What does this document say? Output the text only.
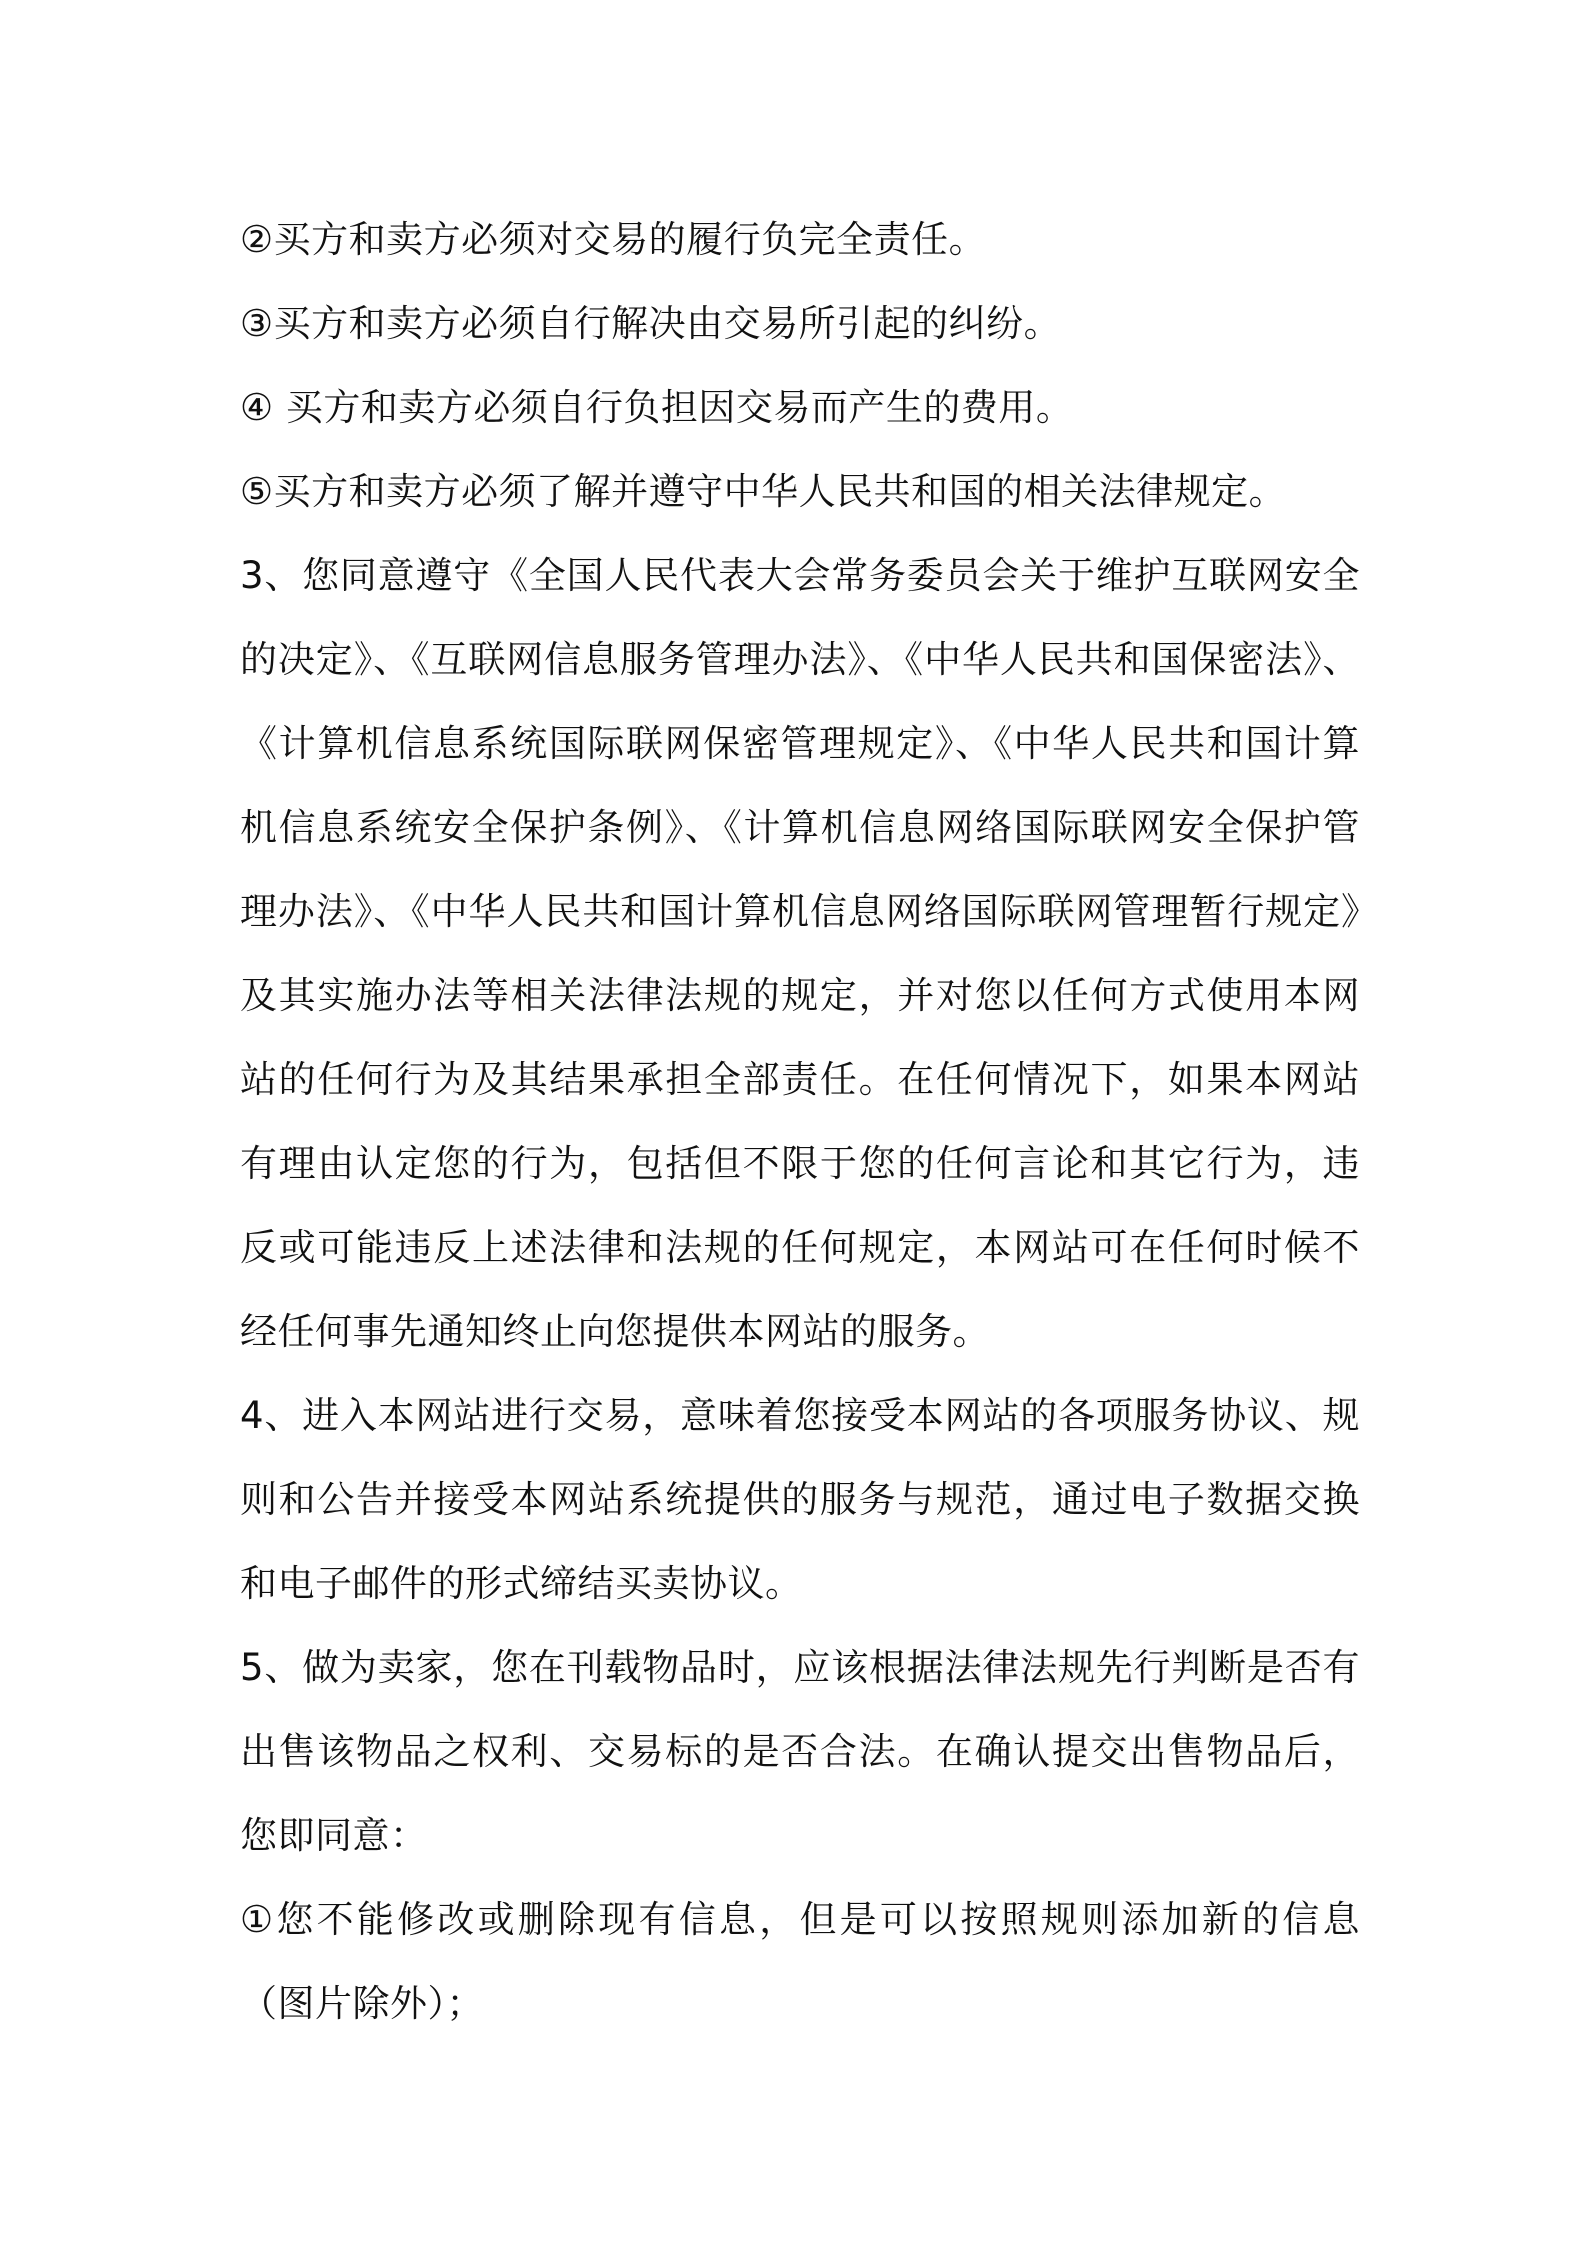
②买方和卖方必须对交易的履行负完全责任。

③买方和卖方必须自行解决由交易所引起的纠纷。

④ 买方和卖方必须自行负担因交易而产生的费用。

⑤买方和卖方必须了解并遵守中华人民共和国的相关法律规定。

3、您同意遵守《全国人民代表大会常务委员会关于维护互联网安全的决定》、《互联网信息服务管理办法》、《中华人民共和国保密法》、《计算机信息系统国际联网保密管理规定》、《中华人民共和国计算机信息系统安全保护条例》、《计算机信息网络国际联网安全保护管理办法》、《中华人民共和国计算机信息网络国际联网管理暂行规定》及其实施办法等相关法律法规的规定，并对您以任何方式使用本网站的任何行为及其结果承担全部责任。在任何情况下，如果本网站有理由认定您的行为，包括但不限于您的任何言论和其它行为，违反或可能违反上述法律和法规的任何规定，本网站可在任何时候不经任何事先通知终止向您提供本网站的服务。

4、进入本网站进行交易，意味着您接受本网站的各项服务协议、规则和公告并接受本网站系统提供的服务与规范，通过电子数据交换和电子邮件的形式缔结买卖协议。

5、做为卖家，您在刊载物品时，应该根据法律法规先行判断是否有出售该物品之权利、交易标的是否合法。在确认提交出售物品后，您即同意：

①您不能修改或删除现有信息，但是可以按照规则添加新的信息（图片除外）；
